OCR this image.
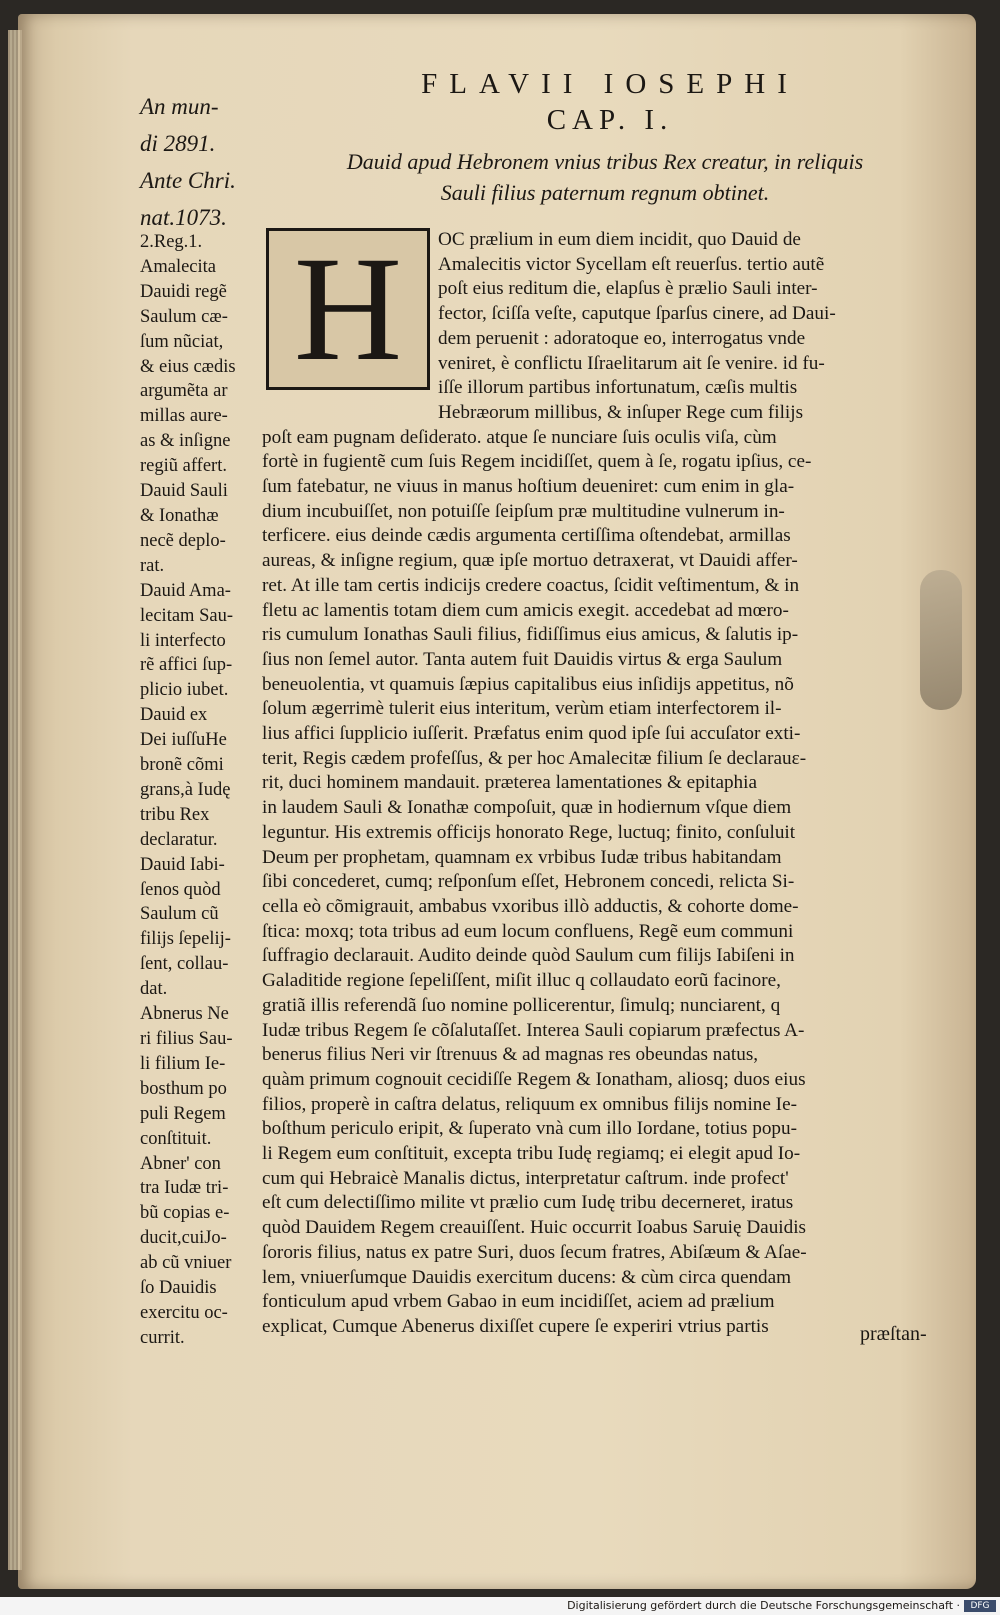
FLAVII IOSEPHI
CAP. I.
Dauid apud Hebronem vnius tribus Rex creatur, in reliquis
Sauli filius paternum regnum obtinet.
An mun-
di 2891.
Ante Chri.
nat.1073.
2.Reg.1.
Amalecita
Dauidi regẽ
Saulum cæ-
ſum nũciat,
& eius cædis
argumẽta ar
millas aure-
as & inſigne
regiũ affert.
Dauid Sauli
& Ionathæ
necẽ deplo-
rat.
Dauid Ama-
lecitam Sau-
li interfecto
rẽ affici ſup-
plicio iubet.
Dauid ex
Dei iuſſuHe
bronẽ cõmi
grans,à Iudę
tribu Rex
declaratur.
Dauid Iabi-
ſenos quòd
Saulum cũ
filijs ſepelij-
ſent, collau-
dat.
Abnerus Ne
ri filius Sau-
li filium Ie-
bosthum po
puli Regem
conſtituit.
Abner' con
tra Iudæ tri-
bũ copias e-
ducit,cuiJo-
ab cũ vniuer
ſo Dauidis
exercitu oc-
currit.
H	OC prælium in eum diem incidit, quo Dauid de
Amalecitis victor Sycellam eſt reuerſus. tertio autẽ
poſt eius reditum die, elapſus è prælio Sauli inter-
fector, ſciſſa veſte, caputque ſparſus cinere, ad Daui-
dem peruenit : adoratoque eo, interrogatus vnde
veniret, è conflictu Iſraelitarum ait ſe venire. id fu-
iſſe illorum partibus infortunatum, cæſis multis
Hebræorum millibus, & inſuper Rege cum filijs
poſt eam pugnam deſiderato. atque ſe nunciare ſuis oculis viſa, cùm
fortè in fugientẽ cum ſuis Regem incidiſſet, quem à ſe, rogatu ipſius, ce-
ſum fatebatur, ne viuus in manus hoſtium deueniret: cum enim in gla-
dium incubuiſſet, non potuiſſe ſeipſum præ multitudine vulnerum in-
terficere. eius deinde cædis argumenta certiſſima oſtendebat, armillas
aureas, & inſigne regium, quæ ipſe mortuo detraxerat, vt Dauidi affer-
ret. At ille tam certis indicijs credere coactus, ſcidit veſtimentum, & in
fletu ac lamentis totam diem cum amicis exegit. accedebat ad mœro-
ris cumulum Ionathas Sauli filius, fidiſſimus eius amicus, & ſalutis ip-
ſius non ſemel autor. Tanta autem fuit Dauidis virtus & erga Saulum
beneuolentia, vt quamuis ſæpius capitalibus eius inſidijs appetitus, nõ
ſolum ægerrimè tulerit eius interitum, verùm etiam interfectorem il-
lius affici ſupplicio iuſſerit. Præfatus enim quod ipſe ſui accuſator exti-
terit, Regis cædem profeſſus, & per hoc Amalecitæ filium ſe declarauε-
rit, duci hominem mandauit. præterea lamentationes & epitaphia
in laudem Sauli & Ionathæ compoſuit, quæ in hodiernum vſque diem
leguntur. His extremis officijs honorato Rege, luctuq; finito, conſuluit
Deum per prophetam, quamnam ex vrbibus Iudæ tribus habitandam
ſibi concederet, cumq; reſponſum eſſet, Hebronem concedi, relicta Si-
cella eò cõmigrauit, ambabus vxoribus illò adductis, & cohorte dome-
ſtica: moxq; tota tribus ad eum locum confluens, Regẽ eum communi
ſuffragio declarauit. Audito deinde quòd Saulum cum filijs Iabiſeni in
Galaditide regione ſepeliſſent, miſit illuc q collaudato eorũ facinore,
gratiã illis referendã ſuo nomine pollicerentur, ſimulq; nunciarent, q
Iudæ tribus Regem ſe cõſalutaſſet. Interea Sauli copiarum præfectus A-
benerus filius Neri vir ſtrenuus & ad magnas res obeundas natus,
quàm primum cognouit cecidiſſe Regem & Ionatham, aliosq; duos eius
filios, properè in caſtra delatus, reliquum ex omnibus filijs nomine Ie-
boſthum periculo eripit, & ſuperato vnà cum illo Iordane, totius popu-
li Regem eum conſtituit, excepta tribu Iudę regiamq; ei elegit apud Io-
cum qui Hebraicè Manalis dictus, interpretatur caſtrum. inde profect'
eſt cum delectiſſimo milite vt prælio cum Iudę tribu decerneret, iratus
quòd Dauidem Regem creauiſſent. Huic occurrit Ioabus Saruię Dauidis
ſororis filius, natus ex patre Suri, duos ſecum fratres, Abiſæum & Aſae-
lem, vniuerſumque Dauidis exercitum ducens: & cùm circa quendam
fonticulum apud vrbem Gabao in eum incidiſſet, aciem ad prælium
explicat, Cumque Abenerus dixiſſet cupere ſe experiri vtrius partis	præſtan-
Digitalisierung gefördert durch die Deutsche Forschungsgemeinschaft ·	DFG
